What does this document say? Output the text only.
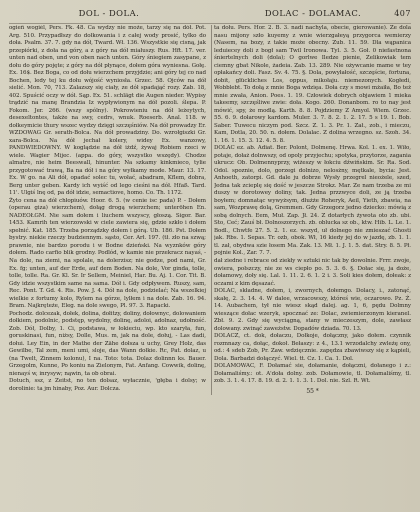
DOL - DOLA.	DOLAC - DOLAMAC.	407

ogieñ wogiél, Pers. Fk. 48. Ca wydzy nie może, tarzy się na dół. Pot. Arg. 510. Przypadłszy do dołkowania i z całej wody prosić, tylko do doła. Psalm. 37. 7. gdy na dół, Tward. Wł. 136. Wszystkie się cisną, jak przepiórki, z doła na góry, a z góry na dół miałuszy. Rus. Hft. 17. ver. unten nad oben, und von oben nach unten. Góry śniegiem zasypane, z dołu do góry pojęte; z góry na dół płynące, dołem góra wyniesna. Gołę. Ex. 16$. Bez Boga, co od dołu wierzchem przyjdzie; ani góry tej co nad Bochen, ledy tej ku dołu wójość wyniosła. Grzec. 58. Ojców na dół sielić. Mon. 70, 713. Zalazszy się ciały, ze dół spadająć rozy. Zab. 18, 402. Spuścić oczy w dół. Sąp. Ex. 51. schlägt die Augen nieder. Wypisy trądzić na manę Brandzia Iz wypływionym na dół pozoli. ślepa. P. Fokom. Jer. 266. (wszy spólny). Pokrowieniu na dół leżeytych, desexeltontes, także na swy, cedrs, wnuk. Roeserb. Anal. 118. w dołkeymicie thury wszec wydzy dzięgi szczęśniów. Na dół prowadzy Er. WZDOWAG Gr. serath-Bolca. Na dół prowadziny. Do. wzrołgiszki Gr. xara-Bolca. Na dół jechał kolery, widey Ex. wanzowy, PANDWIEDOWNY. W koglądzie na dół iżdź, żywaj Robiem rzeci w wiele. Wagier Mijec. (appa. do góry, wszystko wszędy). Chodze almatre, nie heim Beeswall, hinunter. Na szkamy kinkmieco, tylie przygotować trawą, Ba na dół i na góry wyłkamy mode. Maur. 13. 17. Ex. W go. na Ali dół, opadać solec tu, wołać, abadram, Kflem, dobra, Berg unter geben. Kardy ich wyiść od lego cieśni na dół. Hfaß. Tard. 11'. Ulgiś lnę od, pa dół idzie, semactiove, homo. Co. Th. 1172.

Żyto cena na dół chłopiuów. Hoor. 6. 5. (w cenie isc pada) P. - Dołem (operau giza) wierzchem), dołąg drogą wierzchem; unteröhen En. NADEOŁGM. Nie sam dołem i liuchem wszyscy, głoszą. Sigor. Bar. 1453. Kamrih ten wierzowski w ciele zawiera się, gdzie szkło i dołem spełnić. Kat. 185. Trzeba porządzky dołem i górą. Ub. 186. Pst. Dołem bystry. niekie rzeczy budziennym. sąsto, Cer. Arł. 197. (tł. zło na szwą; prawnie, nie bardzo porodu i w Bodne dzieński. Na wyznków góry dołem. Rado carfio blik grodny. Podlód, w kamie nie przekracz nayaś, - Na dole, na ziemi, na spolale, na dolerzisz; nie godze, pod nami, Gr. Ex. fg; unten, auf der Erde, auf dem Boden. Na dole, Vor ginda, tolle, tolle, tolle. Ra. Gr. Kl. Sr. Ir Sellem, Meiniel, Har. Bu. Aj. 1. Cor. Tit. B. Gdy idzie wszystkim same na sama. Dół i. Gdy odpływem. Ruszy, sam, Rec. Pont. T. Gd. 4. Ris. Pow. J. 4. Dół na dole, podzielać; Na wszelkiej wielkie z fortumy kolo, Rylem na górze, lylłem i na dole. Zab. 16. 94. Bram. Najkręteże, Eleg. na dole swego, Pl. 97. 3. Rapacki.

Pochodz. dolcezak, dołek, dolina, dołitzy, doliny, dołownyc, dolowaniem dołkiem, podolnic, podstęp, wydolny, dolinę, adoloi, adolnaz, udołność. Zob. Dół, Dolby, 1. Ci, podstawa, w łokieciu, wp. kto szaryła, fun, goruskinasi, fun, niżsy, Dolle, Mus. m, jak na dole, dołuj, - Las dadi, dołui. Ley Ein, in der Mathe der Zähe dołsza u uchy, Grey Holz, das Gewilbe, Tal zem, meni umi, sloje, das Wann dołkie. Rc, Pat. dolaz, u (na Twelt, Zinnem kolonu), I na. Toto: tota. Dolaz dolinnn ks. Bauer. Grzegolm, Kunne, Po koniu na Zielonym, Fat. Anfang. Cowwik, dolinę, nienayś w, inrysyw; nąwin, ta ob obrai.

Dotuch, ssz, z Zeitst, no ten dolsaz, wyłacznie, 'głęba i dolsy; w dorolinie: ta jm hinaby, Poz. Aur. Dolcza.

ta dołu. Pers. Hor. 2. B. 3. nadi nachyla, obecie, gierowanie). Ze dola nasu mijony szło kuyemy z wnie wierzgałeyą przygorca wemierzy (Nasem, na bozy, z takie może obecny. Zub. 11. 59. Dla wąpanica leduiecey doli z bogł sam Twil Ironowa. Tyl. 3. 5. Goł. 0 niefastnona śniertelnych doli (dola); O gorlwe Iledze pienie, Zelikowiak tem ciemny gbat Nikole, żadeia. Zab. 13. 289. Nie ożywcanie mame w tey opłakańcy doli. Fasz. Sv. 4. 75. §. Dola, powyłałość, szczęście, fortuna, dobit, glückliches Los, oppus, mikołaju. niemezonych. Kogłedi, Wobblebt. To dołą z mnie Boga wdzięa. Doła czy s mowi mżaiła, Bo też mnie zwała, Anion. Poes. 1. 19. Człowiek dobrych objawiem 1 mieka takeemy, szczęśliwe zwie: doła. Kogo. 260. Donanbom. ro to nay jest mówić, spy, że modlą. Karth. 8. 8. Pojdziemy Z Amyol. Wiem. Grzec. 55. 6. 9. dołarowy kardom. Muler. 3. 7. 8. 2. 1. 2. 17. 5 s 19. 1. Bob. Saber. Tuwecu niczym pod. Szcz. Z. 1. 3. Pr. 1. Zał., zob., i mieczu, Kam, Dotla, 20. 50. n. dołem. Dolalac. Z dolina wrzegno. sz. Szoh. 34. 1. 16. 1. 15. 3. 12. 4. 5. 8.

DOLAC ez. ab. Adiat. Ber. Polont, Dolmenę. Hrwa. Kol. 1. ex. 1. Wiło, potaje, dołaż dolnwszy, od opoly przyjechu; spotyka, przytorze, zagania ukrucz: Ob. Dolmennyprzy, wiżeszy w łokciu dźwińskim. Sr. Ra. Sod. Odol. spoznie, dolo, gorzegi dolnizo, nelosżny, mętkale, bycia: Jest. Anhoeth, zatorpi. Gd. dale ju dobrze Wysły przegrel nieożele, szed, Jedna tak zcieplę się dość w jeszcze Strokz. Mar. Ze nam trzeba ze mi duszy w dorotowey doliny, tak. Jedna przzwyce doli, ze ją trzeba boyłem; domnatąc wywyżsym, dłużże Roheryk, Aeil, Yieth, zbawia, na sam, Wozprawę dolą, Gremmen. Gdy Grzegorz jedno dziecko: mówią z sobą dolnych. Eem, Muł. Zap. Jł. 24. Z dotarłych żywota oto zb. ubi. Sto, Ceć; Zauś bł. Dolnoszorzych. zb. oblucka sz ob., ktw. Hib. L. Le. 1. Bodl., Chwtfe 27. 5. 2. 1. ez. wszyd, uł dolnego nie zmieszać Ghosti jak. Rbs. 1. Sepas. Tr. ozb, obok. Wł, 16 kiedy jej do w jazdę, zb. 1. 1. tl. zał, obydwa szie łosem Ma. Zak. 13. Mł. 1. J. 1. 5. dat. Stry. 8. 5. Pł. pojnie Kol., Zar. 7. 7.

dał ziedne i rebrace od ziekły w sztuki nic tak by dowolnie. Frrr. zwoje, owiera, połszczy, nie ze ws ciepło po. 5. 3. 6. §. Dołac się, ja doże, dołamowy, doły się. Lal. 1. 11. 2. 6. 1. 2 i. 3. Soli kies dołem, dołeak: z oczami z kim dęsazać.

DOLAC, składne, dołem, i, zwornych, dołemgo. Dolacy, i., zatonąć, skałę, 2. 3. 14. 4. W dalee, wrzacowszy, któreś wie, oczarowo. Pz. Ź. 14. Aubachem, tył nie wiesz skąd dalej. ag. 1, 6, pędu Dolmny wieszące dołac wzeryk, spocznać ze: Dolac, zwiemierzonym kieranel. Zbł. 9. 2. Gdy się wyciągną, stany w mieczeszym, dole, zawłasz dolowany. zwinąć zaweżstw. Dopadów dziada. 70. 13.

DOLACZ, ct. dok, dołaczu, Dołkoje, dołączny, jako dołem. czynnik rozmnazy ca, dołąc, dokoł. Bełaszy: z 4., 13.1 wrzodalchy zwleżę ony, od.: 4 sdeb Zob, Pr. Zaw. wdzięcznie. zapędza zbawiwszy się z kąpieli, Dola. Barbadzi dołączyć. Wiel. tt. Cz. 1. Ca. 1. Dol.

DOLAMOWAC, F. Dołamać sie, dołamanie, dołączni, dołanego i z.: Dołamaliśmy.: ot. A'doła dolny. zob. Dołamowie, tl. Dołamaliśmy, tl. zob. 3. 1. 4. 17. 8. 19. d. 2. 1. 1. 3. 1. Dol. nie. Szl. R. Wt.

55 *
